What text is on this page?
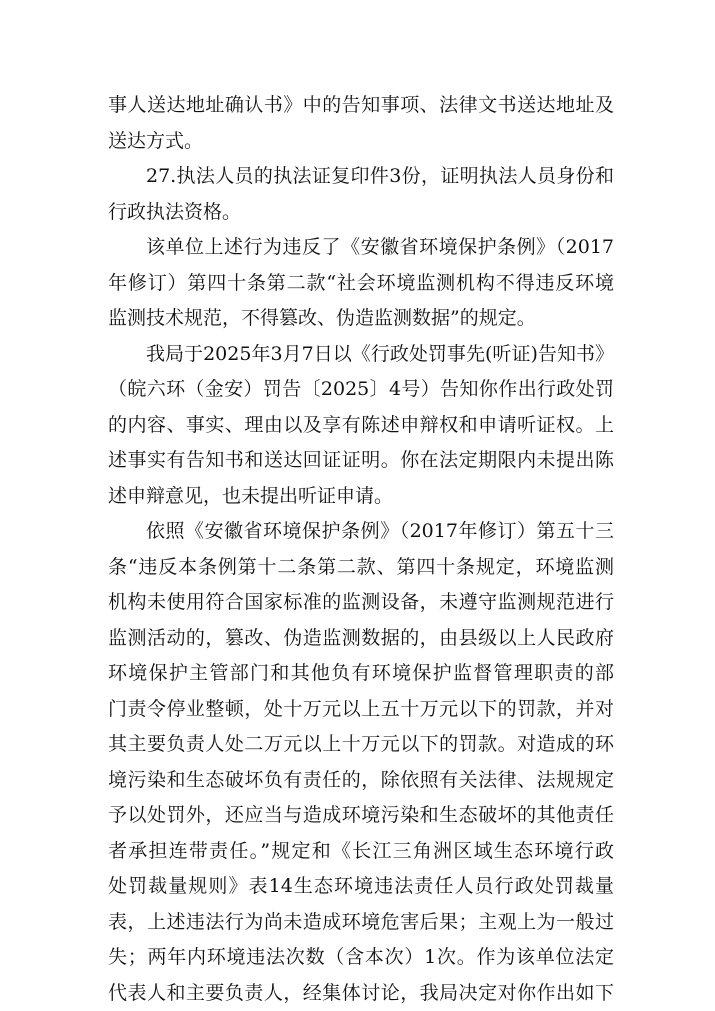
事人送达地址确认书》中的告知事项、法律文书送达地址及
送达方式。
27.执法人员的执法证复印件3份，证明执法人员身份和
行政执法资格。
该单位上述行为违反了《安徽省环境保护条例》（2017
年修订）第四十条第二款“社会环境监测机构不得违反环境
监测技术规范，不得篡改、伪造监测数据”的规定。
我局于2025年3月7日以《行政处罚事先(听证)告知书》
（皖六环（金安）罚告〔2025〕4号）告知你作出行政处罚
的内容、事实、理由以及享有陈述申辩权和申请听证权。上
述事实有告知书和送达回证证明。你在法定期限内未提出陈
述申辩意见，也未提出听证申请。
依照《安徽省环境保护条例》（2017年修订）第五十三
条“违反本条例第十二条第二款、第四十条规定，环境监测
机构未使用符合国家标准的监测设备，未遵守监测规范进行
监测活动的，篡改、伪造监测数据的，由县级以上人民政府
环境保护主管部门和其他负有环境保护监督管理职责的部
门责令停业整顿，处十万元以上五十万元以下的罚款，并对
其主要负责人处二万元以上十万元以下的罚款。对造成的环
境污染和生态破坏负有责任的，除依照有关法律、法规规定
予以处罚外，还应当与造成环境污染和生态破坏的其他责任
者承担连带责任。”规定和《长江三角洲区域生态环境行政
处罚裁量规则》表14生态环境违法责任人员行政处罚裁量
表，上述违法行为尚未造成环境危害后果；主观上为一般过
失；两年内环境违法次数（含本次）1次。作为该单位法定
代表人和主要负责人，经集体讨论，我局决定对你作出如下
